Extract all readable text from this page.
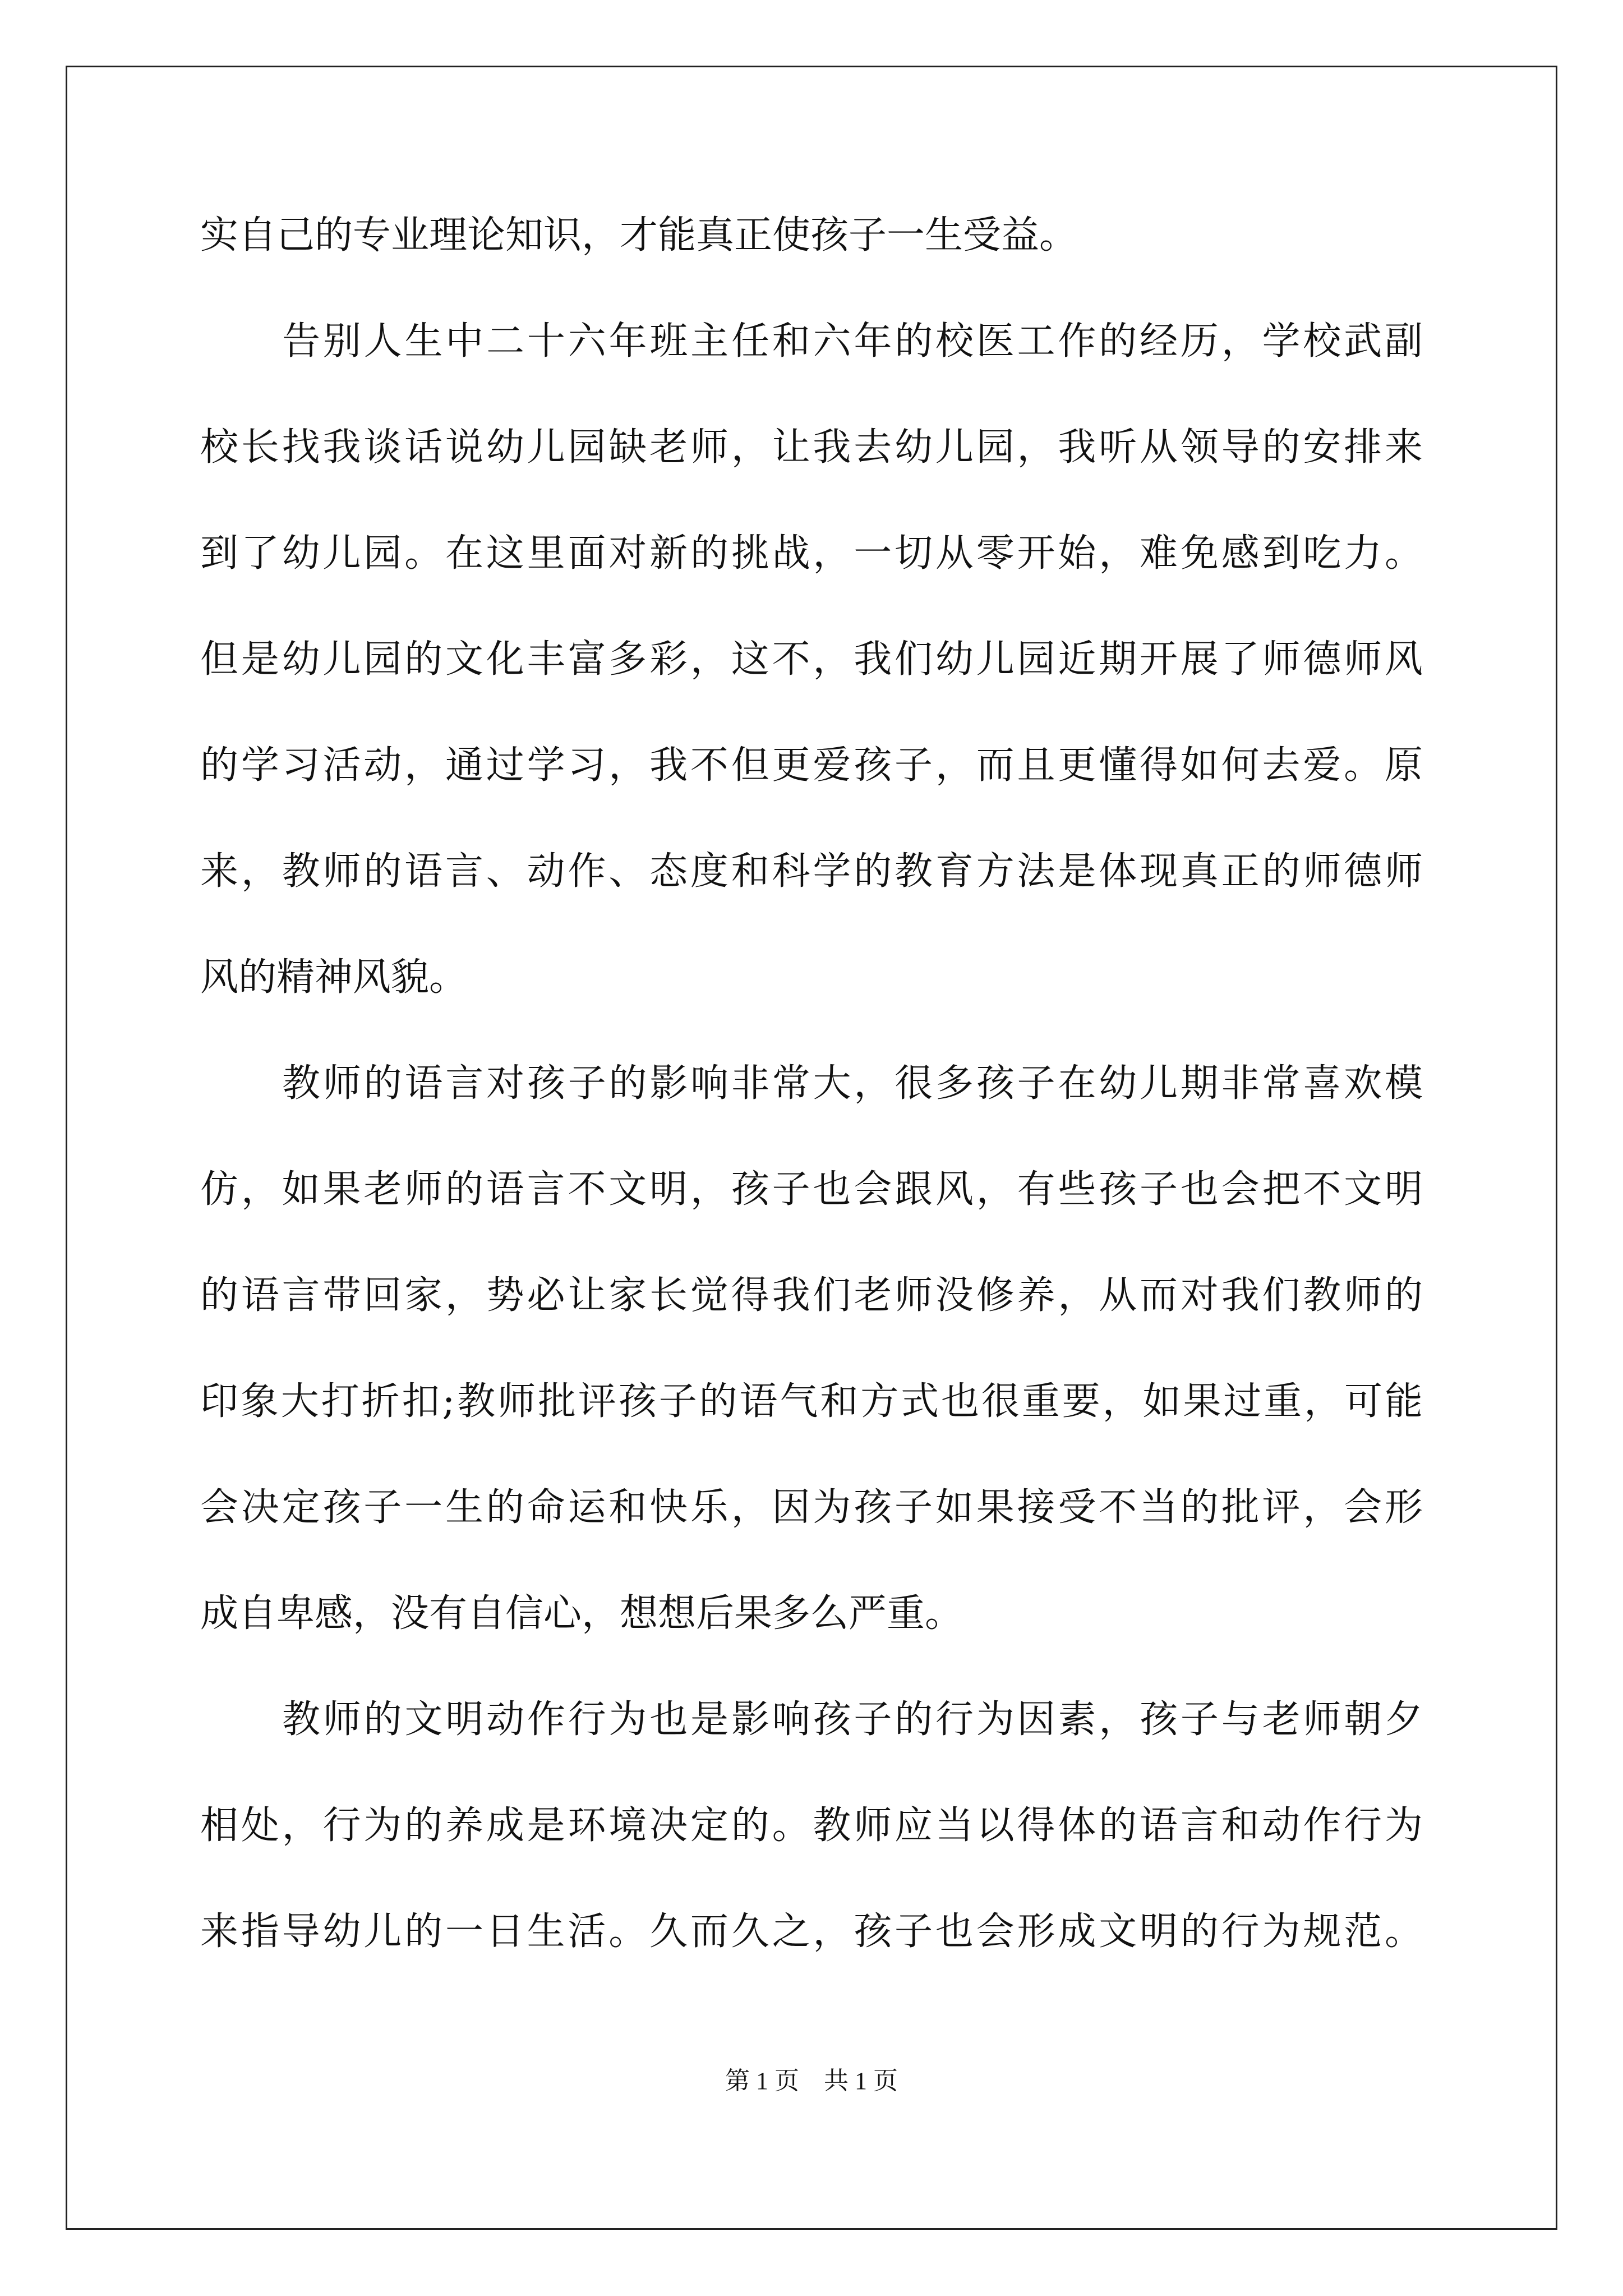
实自己的专业理论知识，才能真正使孩子一生受益。
告别人生中二十六年班主任和六年的校医工作的经历，学校武副
校长找我谈话说幼儿园缺老师，让我去幼儿园，我听从领导的安排来
到了幼儿园。在这里面对新的挑战，一切从零开始，难免感到吃力。
但是幼儿园的文化丰富多彩，这不，我们幼儿园近期开展了师德师风
的学习活动，通过学习，我不但更爱孩子，而且更懂得如何去爱。原
来，教师的语言、动作、态度和科学的教育方法是体现真正的师德师
风的精神风貌。
教师的语言对孩子的影响非常大，很多孩子在幼儿期非常喜欢模
仿，如果老师的语言不文明，孩子也会跟风，有些孩子也会把不文明
的语言带回家，势必让家长觉得我们老师没修养，从而对我们教师的
印象大打折扣;教师批评孩子的语气和方式也很重要，如果过重，可能
会决定孩子一生的命运和快乐，因为孩子如果接受不当的批评，会形
成自卑感，没有自信心，想想后果多么严重。
教师的文明动作行为也是影响孩子的行为因素，孩子与老师朝夕
相处，行为的养成是环境决定的。教师应当以得体的语言和动作行为
来指导幼儿的一日生活。久而久之，孩子也会形成文明的行为规范。
第 1 页　共 1 页
